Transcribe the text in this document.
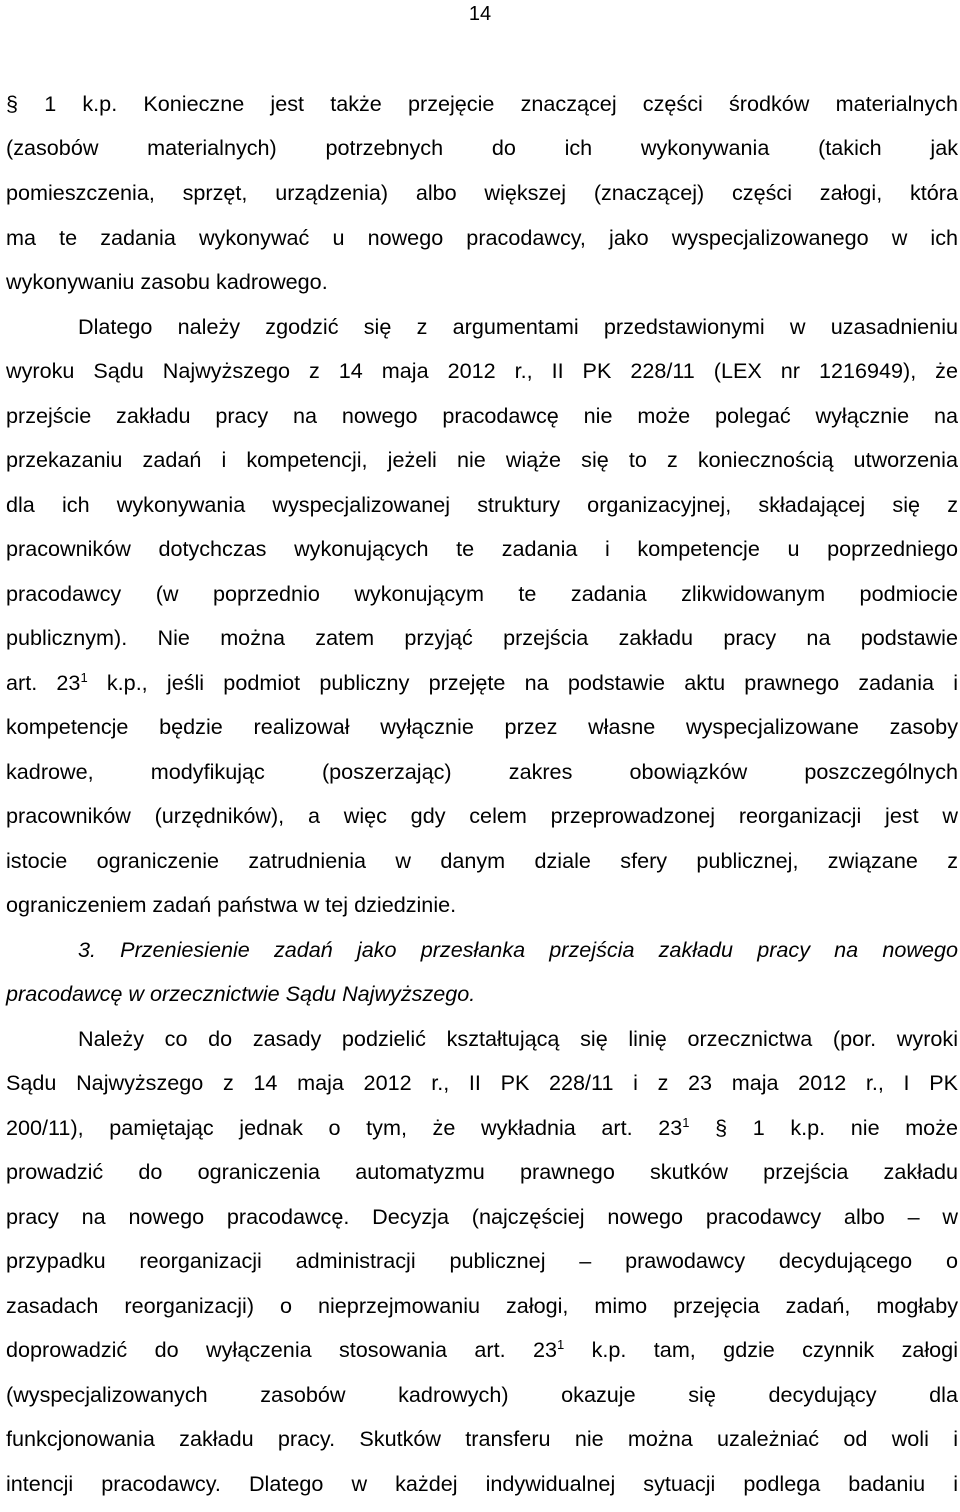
14
§ 1 k.p. Konieczne jest także przejęcie znaczącej części środków materialnych
(zasobów materialnych) potrzebnych do ich wykonywania (takich jak
pomieszczenia, sprzęt, urządzenia) albo większej (znaczącej) części załogi, która
ma te zadania wykonywać u nowego pracodawcy, jako wyspecjalizowanego w ich
wykonywaniu zasobu kadrowego.
Dlatego należy zgodzić się z argumentami przedstawionymi w uzasadnieniu
wyroku Sądu Najwyższego z 14 maja 2012 r., II PK 228/11 (LEX nr 1216949), że
przejście zakładu pracy na nowego pracodawcę nie może polegać wyłącznie na
przekazaniu zadań i kompetencji, jeżeli nie wiąże się to z koniecznością utworzenia
dla ich wykonywania wyspecjalizowanej struktury organizacyjnej, składającej się z
pracowników dotychczas wykonujących te zadania i kompetencje u poprzedniego
pracodawcy (w poprzednio wykonującym te zadania zlikwidowanym podmiocie
publicznym). Nie można zatem przyjąć przejścia zakładu pracy na podstawie
art. $23^1$ k.p., jeśli podmiot publiczny przejęte na podstawie aktu prawnego zadania i
kompetencje będzie realizował wyłącznie przez własne wyspecjalizowane zasoby
kadrowe, modyfikując (poszerzając) zakres obowiązków poszczególnych
pracowników (urzędników), a więc gdy celem przeprowadzonej reorganizacji jest w
istocie ograniczenie zatrudnienia w danym dziale sfery publicznej, związane z
ograniczeniem zadań państwa w tej dziedzinie.
3. Przeniesienie zadań jako przesłanka przejścia zakładu pracy na nowego
pracodawcę w orzecznictwie Sądu Najwyższego.
Należy co do zasady podzielić kształtującą się linię orzecznictwa (por. wyroki
Sądu Najwyższego z 14 maja 2012 r., II PK 228/11 i z 23 maja 2012 r., I PK
200/11), pamiętając jednak o tym, że wykładnia art. $23^1$ § 1 k.p. nie może
prowadzić do ograniczenia automatyzmu prawnego skutków przejścia zakładu
pracy na nowego pracodawcę. Decyzja (najczęściej nowego pracodawcy albo – w
przypadku reorganizacji administracji publicznej – prawodawcy decydującego o
zasadach reorganizacji) o nieprzejmowaniu załogi, mimo przejęcia zadań, mogłaby
doprowadzić do wyłączenia stosowania art. $23^1$ k.p. tam, gdzie czynnik załogi
(wyspecjalizowanych zasobów kadrowych) okazuje się decydujący dla
funkcjonowania zakładu pracy. Skutków transferu nie można uzależniać od woli i
intencji pracodawcy. Dlatego w każdej indywidualnej sytuacji podlega badaniu i
